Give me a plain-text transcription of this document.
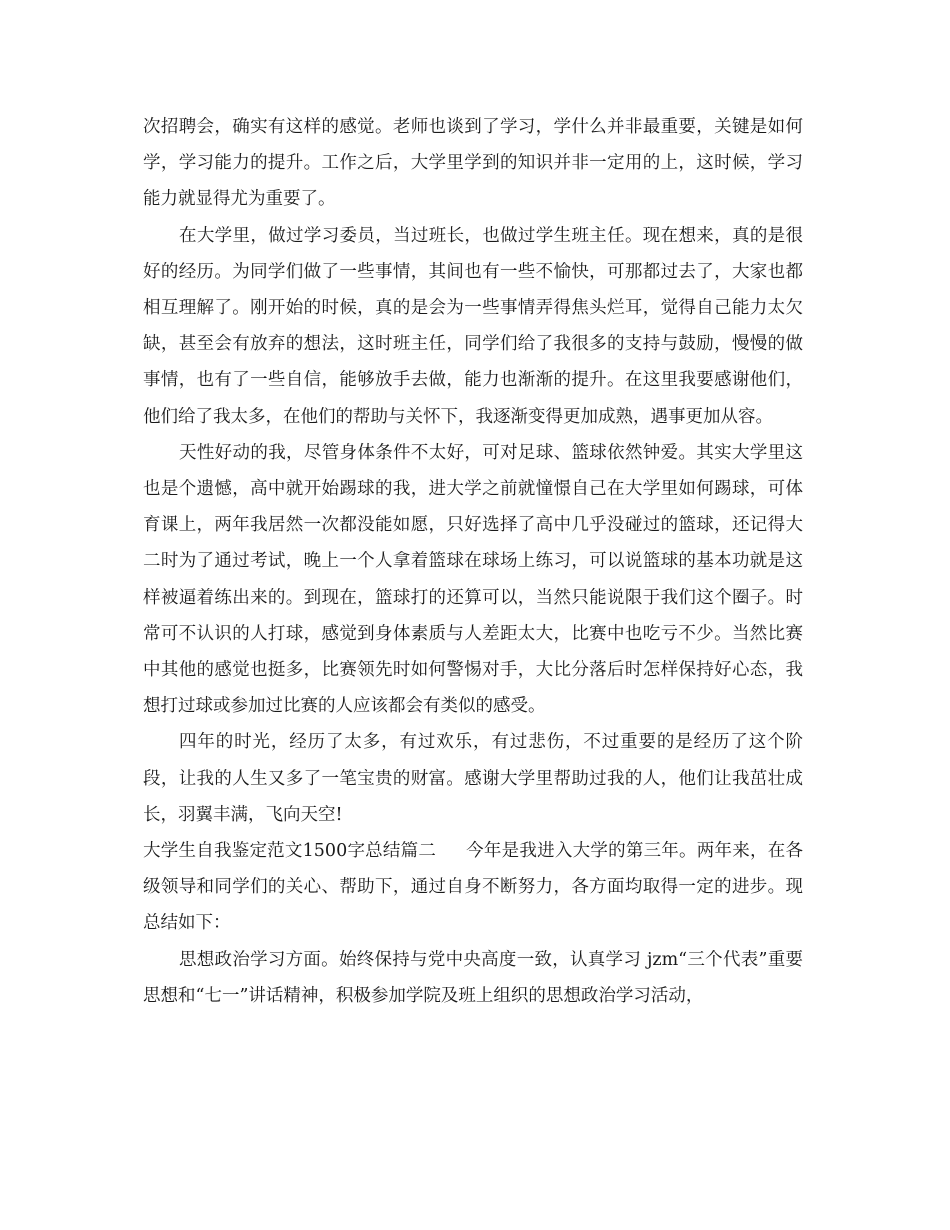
次招聘会，确实有这样的感觉。老师也谈到了学习，学什么并非最重要，关键是如何学，学习能力的提升。工作之后，大学里学到的知识并非一定用的上，这时候，学习能力就显得尤为重要了。

在大学里，做过学习委员，当过班长，也做过学生班主任。现在想来，真的是很好的经历。为同学们做了一些事情，其间也有一些不愉快，可那都过去了，大家也都相互理解了。刚开始的时候，真的是会为一些事情弄得焦头烂耳，觉得自己能力太欠缺，甚至会有放弃的想法，这时班主任，同学们给了我很多的支持与鼓励，慢慢的做事情，也有了一些自信，能够放手去做，能力也渐渐的提升。在这里我要感谢他们，他们给了我太多，在他们的帮助与关怀下，我逐渐变得更加成熟，遇事更加从容。

天性好动的我，尽管身体条件不太好，可对足球、篮球依然钟爱。其实大学里这也是个遗憾，高中就开始踢球的我，进大学之前就憧憬自己在大学里如何踢球，可体育课上，两年我居然一次都没能如愿，只好选择了高中几乎没碰过的篮球，还记得大二时为了通过考试，晚上一个人拿着篮球在球场上练习，可以说篮球的基本功就是这样被逼着练出来的。到现在，篮球打的还算可以，当然只能说限于我们这个圈子。时常可不认识的人打球，感觉到身体素质与人差距太大，比赛中也吃亏不少。当然比赛中其他的感觉也挺多，比赛领先时如何警惕对手，大比分落后时怎样保持好心态，我想打过球或参加过比赛的人应该都会有类似的感受。

四年的时光，经历了太多，有过欢乐，有过悲伤，不过重要的是经历了这个阶段，让我的人生又多了一笔宝贵的财富。感谢大学里帮助过我的人，他们让我茁壮成长，羽翼丰满，飞向天空!

大学生自我鉴定范文1500字总结篇二 今年是我进入大学的第三年。两年来，在各级领导和同学们的关心、帮助下，通过自身不断努力，各方面均取得一定的进步。现总结如下：

思想政治学习方面。始终保持与党中央高度一致，认真学习 jzm“三个代表”重要思想和“七一”讲话精神，积极参加学院及班上组织的思想政治学习活动，
